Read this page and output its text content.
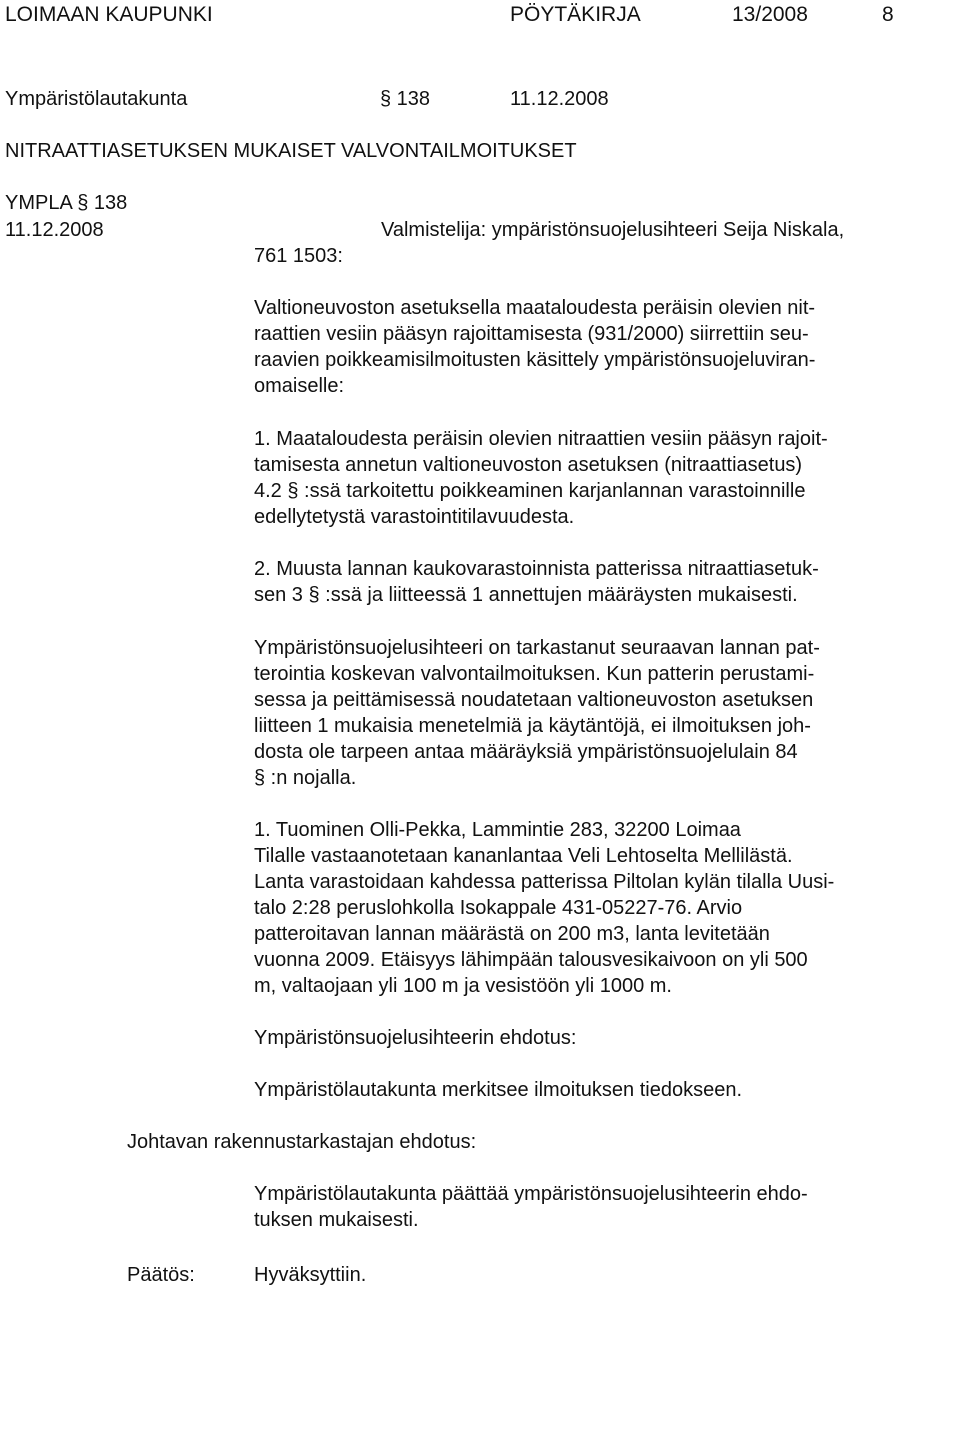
LOIMAAN KAUPUNKI	PÖYTÄKIRJA	13/2008	8
Ympäristölautakunta	§ 138	11.12.2008
NITRAATTIASETUKSEN MUKAISET VALVONTAILMOITUKSET
YMPLA § 138
11.12.2008	Valmistelija: ympäristönsuojelusihteeri Seija Niskala,
761 1503:
Valtioneuvoston asetuksella maataloudesta peräisin olevien nit-
raattien vesiin pääsyn rajoittamisesta (931/2000) siirrettiin seu-
raavien poikkeamisilmoitusten käsittely ympäristönsuojeluviran-
omaiselle:
1. Maataloudesta peräisin olevien nitraattien vesiin pääsyn rajoit-
tamisesta annetun valtioneuvoston asetuksen (nitraattiasetus)
4.2 § :ssä tarkoitettu poikkeaminen karjanlannan varastoinnille
edellytetystä varastointitilavuudesta.
2. Muusta lannan kaukovarastoinnista patterissa nitraattiasetuk-
sen 3 § :ssä ja liitteessä 1 annettujen määräysten mukaisesti.
Ympäristönsuojelusihteeri on tarkastanut seuraavan lannan pat-
terointia koskevan valvontailmoituksen. Kun patterin perustami-
sessa ja peittämisessä noudatetaan valtioneuvoston asetuksen
liitteen 1 mukaisia menetelmiä ja käytäntöjä, ei ilmoituksen joh-
dosta ole tarpeen antaa määräyksiä ympäristönsuojelulain 84
§ :n nojalla.
1. Tuominen Olli-Pekka, Lammintie 283, 32200 Loimaa
Tilalle vastaanotetaan kananlantaa Veli Lehtoselta Mellilästä.
Lanta varastoidaan kahdessa patterissa Piltolan kylän tilalla Uusi-
talo 2:28 peruslohkolla Isokappale 431-05227-76. Arvio
patteroitavan lannan määrästä on 200 m3, lanta levitetään
vuonna 2009. Etäisyys lähimpään talousvesikaivoon on yli 500
m, valtaojaan yli 100 m ja vesistöön yli 1000 m.
Ympäristönsuojelusihteerin ehdotus:
Ympäristölautakunta merkitsee ilmoituksen tiedokseen.
Johtavan rakennustarkastajan ehdotus:
Ympäristölautakunta päättää ympäristönsuojelusihteerin ehdo-
tuksen mukaisesti.
Päätös:	Hyväksyttiin.
